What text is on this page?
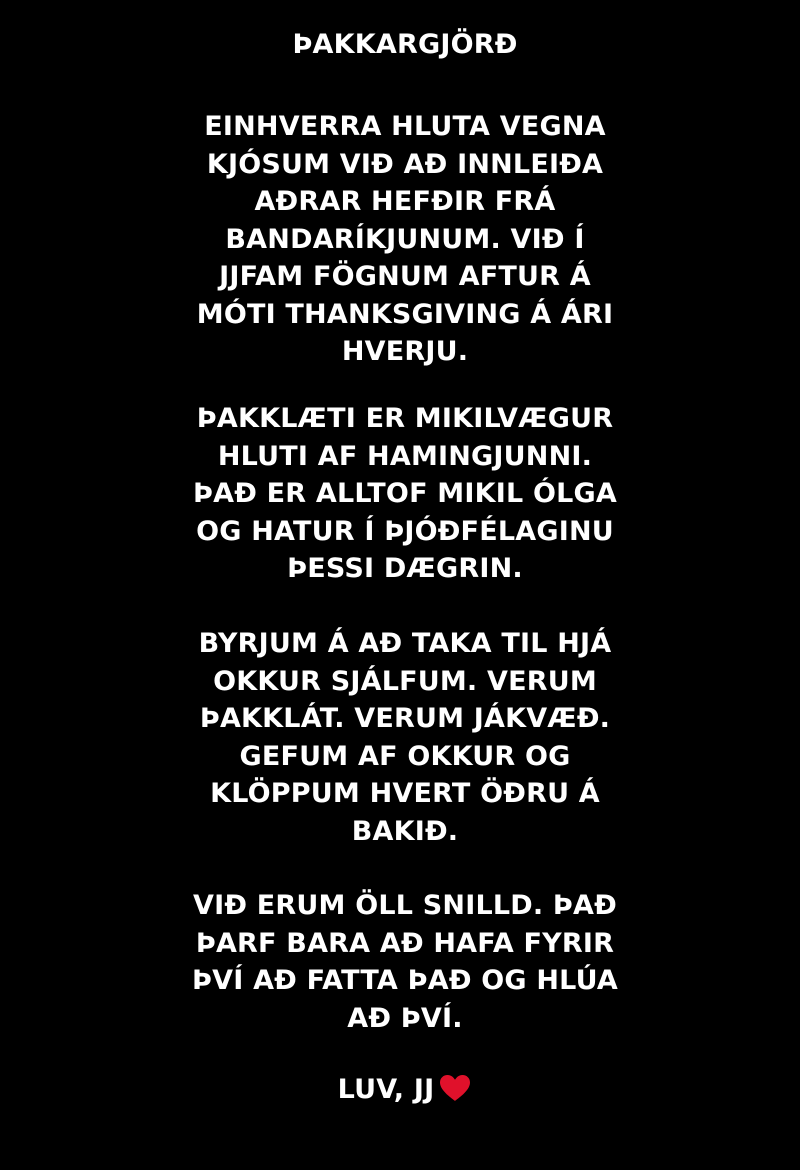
ÞAKKARGJÖRÐ
EINHVERRA HLUTA VEGNA
KJÓSUM VIÐ AÐ INNLEIÐA
AÐRAR HEFÐIR FRÁ
BANDARÍKJUNUM. VIÐ Í
JJFAM FÖGNUM AFTUR Á
MÓTI THANKSGIVING Á ÁRI
HVERJU.
ÞAKKLÆTI ER MIKILVÆGUR
HLUTI AF HAMINGJUNNI.
ÞAÐ ER ALLTOF MIKIL ÓLGA
OG HATUR Í ÞJÓÐFÉLAGINU
ÞESSI DÆGRIN.
BYRJUM Á AÐ TAKA TIL HJÁ
OKKUR SJÁLFUM. VERUM
ÞAKKLÁT. VERUM JÁKVÆÐ.
GEFUM AF OKKUR OG
KLÖPPUM HVERT ÖÐRU Á
BAKIÐ.
VIÐ ERUM ÖLL SNILLD. ÞAÐ
ÞARF BARA AÐ HAFA FYRIR
ÞVÍ AÐ FATTA ÞAÐ OG HLÚA
AÐ ÞVÍ.
LUV, JJ
